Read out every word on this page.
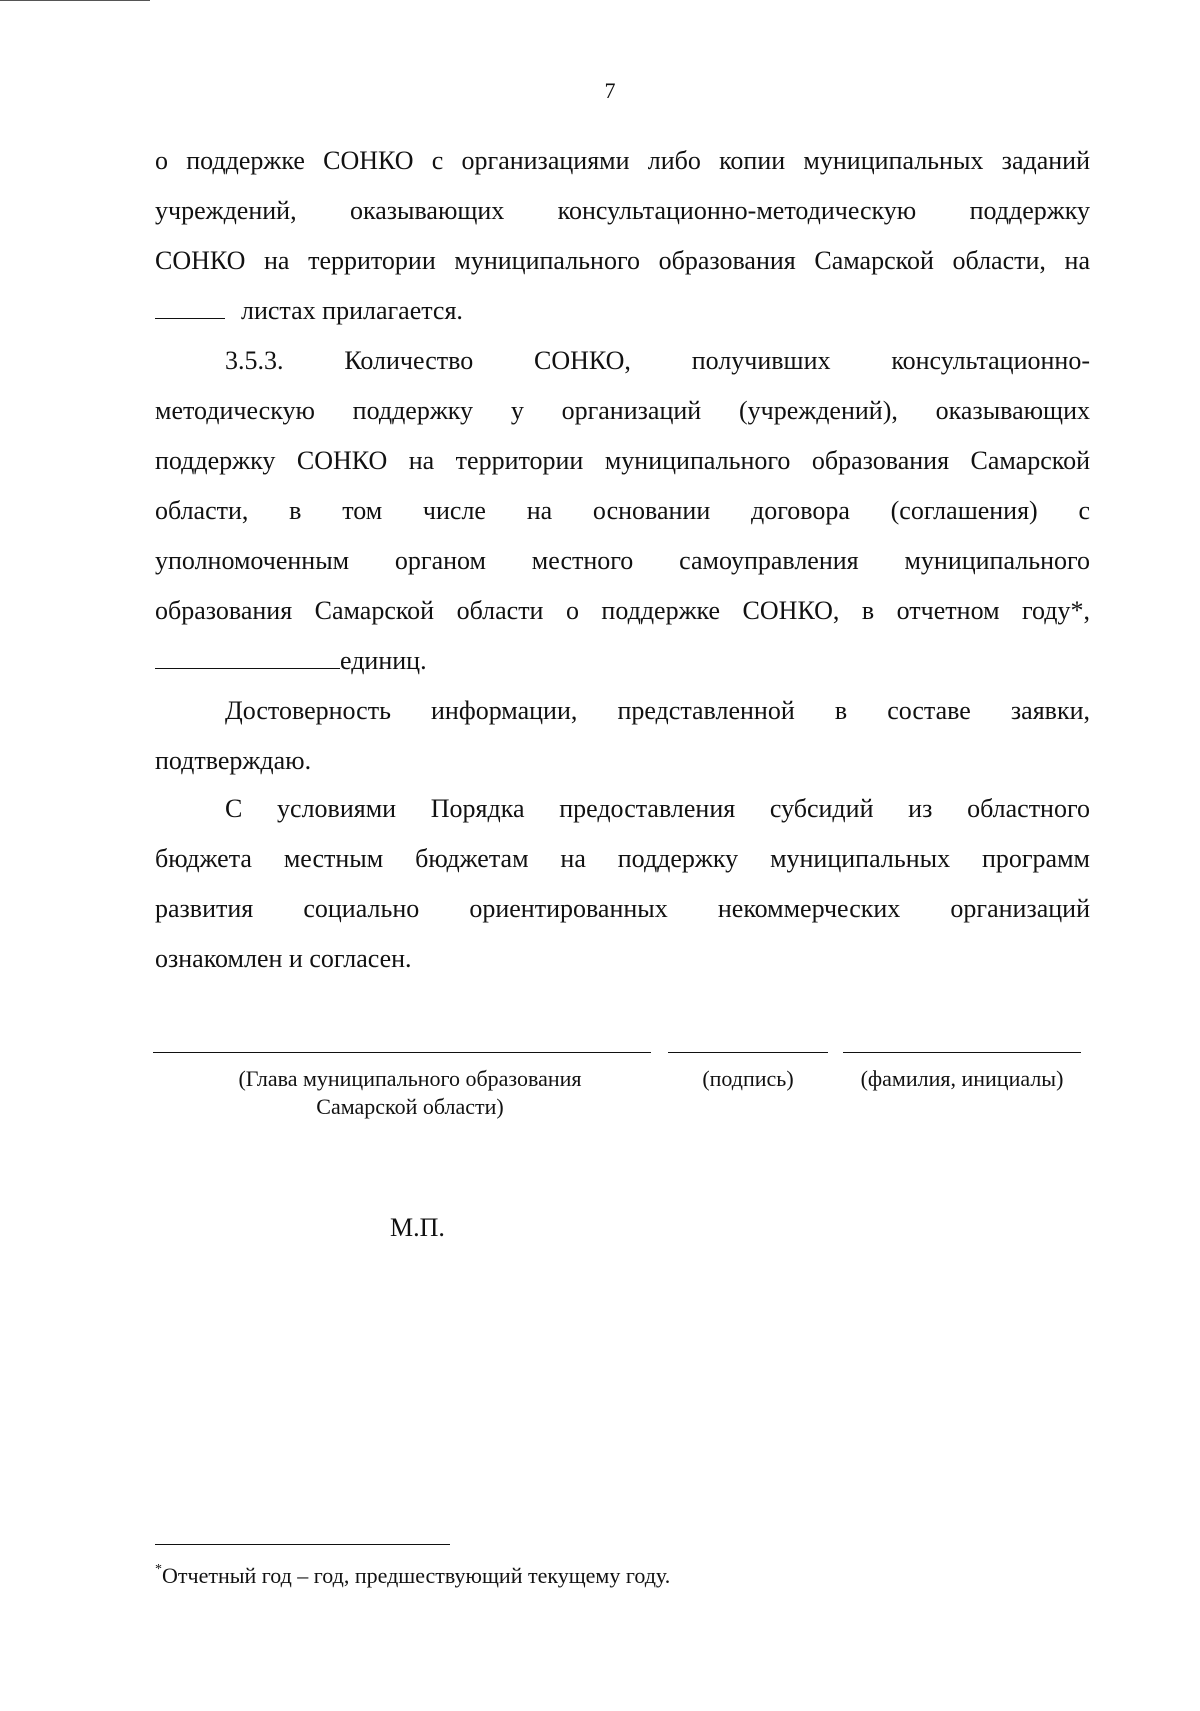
7
о поддержке СОНКО с организациями либо копии муниципальных заданий
учреждений, оказывающих консультационно-методическую поддержку
СОНКО на территории муниципального образования Самарской области, на
листах прилагается.
3.5.3. Количество СОНКО, получивших консультационно-
методическую поддержку у организаций (учреждений), оказывающих
поддержку СОНКО на территории муниципального образования Самарской
области, в том числе на основании договора (соглашения) с
уполномоченным органом местного самоуправления муниципального
образования Самарской области о поддержке СОНКО, в отчетном году*,
единиц.
Достоверность информации, представленной в составе заявки,
подтверждаю.
С условиями Порядка предоставления субсидий из областного
бюджета местным бюджетам на поддержку муниципальных программ
развития социально ориентированных некоммерческих организаций
ознакомлен и согласен.
(Глава муниципального образования
Самарской области)
(подпись)	(фамилия, инициалы)
М.П.
*Отчетный год – год, предшествующий текущему году.
